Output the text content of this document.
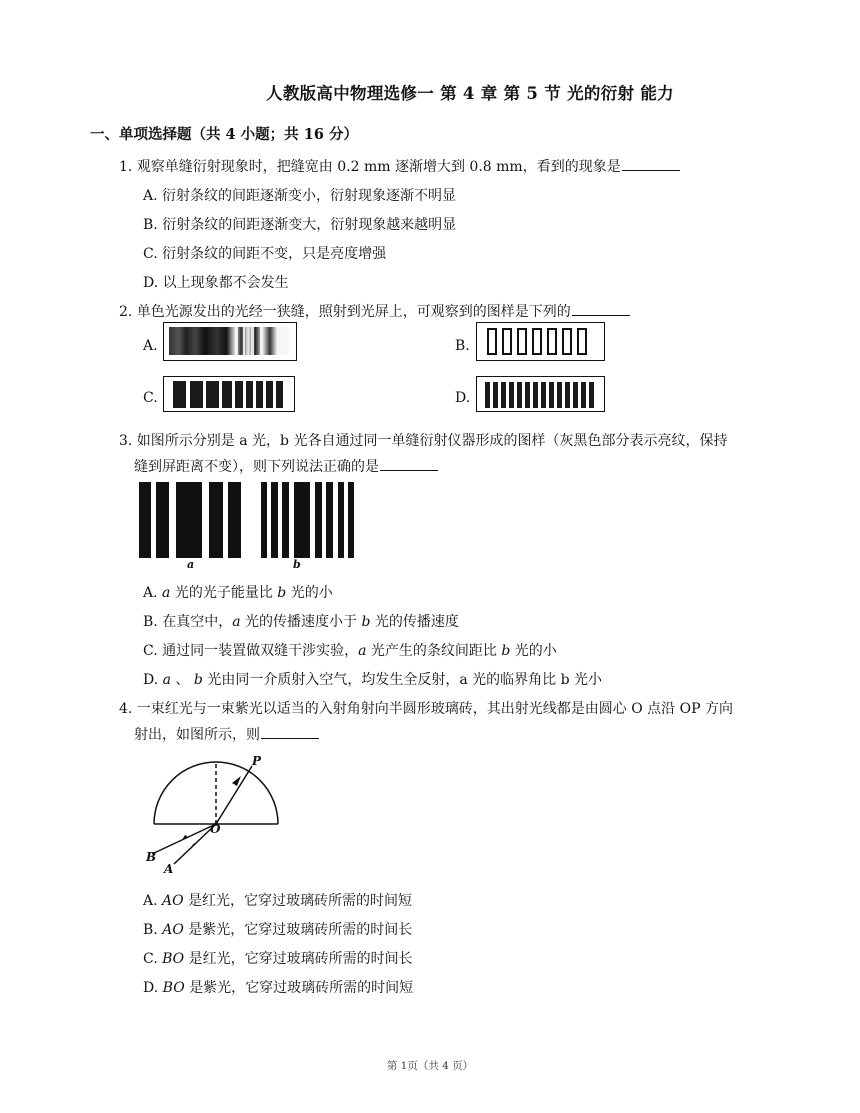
人教版高中物理选修一 第 4 章 第 5 节 光的衍射 能力
一、单项选择题（共 4 小题；共 16 分）
1. 观察单缝衍射现象时，把缝宽由 0.2 mm 逐渐增大到 0.8 mm，看到的现象是
A. 衍射条纹的间距逐渐变小，衍射现象逐渐不明显
B. 衍射条纹的间距逐渐变大，衍射现象越来越明显
C. 衍射条纹的间距不变，只是亮度增强
D. 以上现象都不会发生
2. 单色光源发出的光经一狭缝，照射到光屏上，可观察到的图样是下列的
A.	B.
C.	D.
3. 如图所示分别是 a 光，b 光各自通过同一单缝衍射仪器形成的图样（灰黑色部分表示亮纹，保持
缝到屏距离不变），则下列说法正确的是
a	b
A. a 光的光子能量比 b 光的小
B. 在真空中，a 光的传播速度小于 b 光的传播速度
C. 通过同一装置做双缝干涉实验，a 光产生的条纹间距比 b 光的小
D. a 、 b 光由同一介质射入空气，均发生全反射，a 光的临界角比 b 光小
4. 一束红光与一束紫光以适当的入射角射向半圆形玻璃砖，其出射光线都是由圆心 O 点沿 OP 方向
射出，如图所示，则
P
O
B
A
A. AO 是红光，它穿过玻璃砖所需的时间短
B. AO 是紫光，它穿过玻璃砖所需的时间长
C. BO 是红光，它穿过玻璃砖所需的时间长
D. BO 是紫光，它穿过玻璃砖所需的时间短
第 1页（共 4 页）
